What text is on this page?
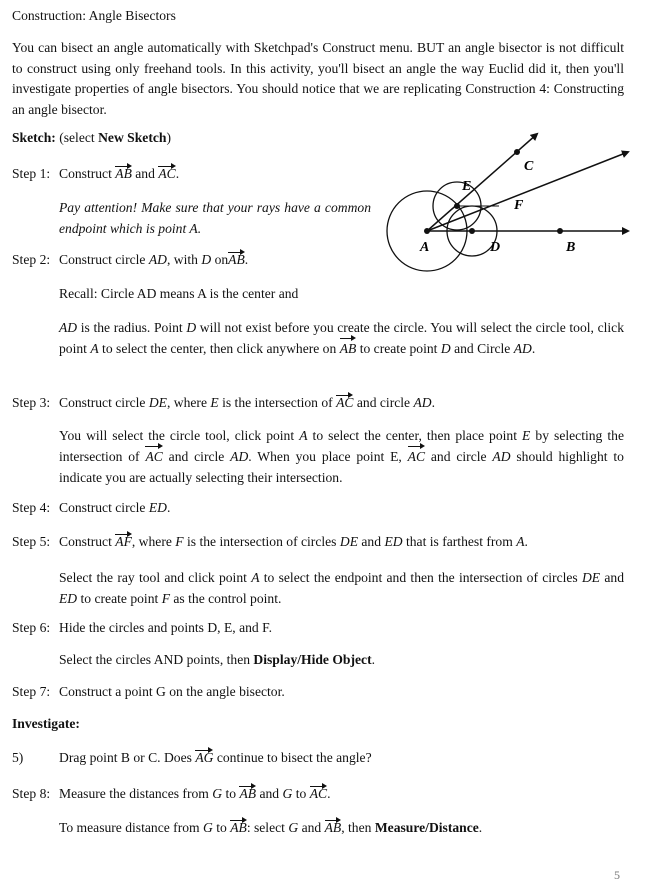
Construction: Angle Bisectors
You can bisect an angle automatically with Sketchpad's Construct menu. BUT an angle bisector is not difficult to construct using only freehand tools. In this activity, you'll bisect an angle the way Euclid did it, then you'll investigate properties of angle bisectors. You should notice that we are replicating Construction 4: Constructing an angle bisector.
Sketch: (select New Sketch)
Step 1: Construct AB and AC.
Pay attention! Make sure that your rays have a common endpoint which is point A.
Step 2: Construct circle AD, with D onAB.
Recall: Circle AD means A is the center and
AD is the radius. Point D will not exist before you create the circle. You will select the circle tool, click point A to select the center, then click anywhere on AB to create point D and Circle AD.
Step 3: Construct circle DE, where E is the intersection of AC and circle AD.
You will select the circle tool, click point A to select the center, then place point E by selecting the intersection of AC and circle AD. When you place point E, AC and circle AD should highlight to indicate you are actually selecting their intersection.
Step 4: Construct circle ED.
Step 5: Construct AF, where F is the intersection of circles DE and ED that is farthest from A.
Select the ray tool and click point A to select the endpoint and then the intersection of circles DE and ED to create point F as the control point.
Step 6: Hide the circles and points D, E, and F.
Select the circles AND points, then Display/Hide Object.
Step 7: Construct a point G on the angle bisector.
Investigate:
5)	Drag point B or C. Does AG continue to bisect the angle?
Step 8: Measure the distances from G to AB and G to AC.
To measure distance from G to AB: select G and AB, then Measure/Distance.
5
A	B
C
D
E
F
